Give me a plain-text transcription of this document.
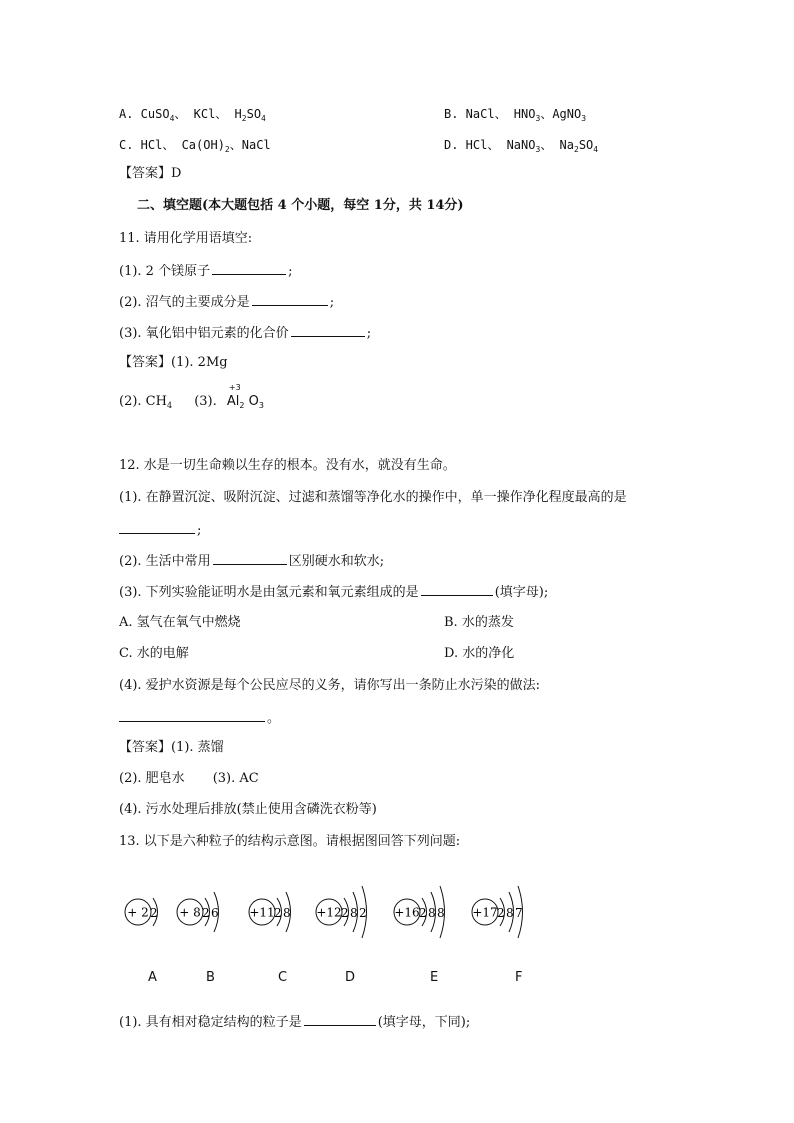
A. CuSO$_4$、 KCl、 $H_2SO_4$	B. NaCl、 $HNO_3$、AgNO$_3$
C. HCl、 $Ca(OH)_2$、NaCl	D. HCl、 NaNO$_3$、 $Na_2SO_4$
【答案】D
二、填空题(本大题包括 4 个小题，每空 1分，共 14分)
11. 请用化学用语填空:
(1). 2 个镁原子	;
(2). 沼气的主要成分是	;
(3). 氧化铝中铝元素的化合价	;
【答案】(1). 2Mg
(2). $CH_4$ (3).
+3
$Al_2$ $O_3$
12. 水是一切生命赖以生存的根本。没有水，就没有生命。
(1). 在静置沉淀、吸附沉淀、过滤和蒸馏等净化水的操作中，单一操作净化程度最高的是
;
(2). 生活中常用	区别硬水和软水;
(3). 下列实验能证明水是由氢元素和氧元素组成的是	(填字母);
A. 氢气在氧气中燃烧	B. 水的蒸发
C. 水的电解	D. 水的净化
(4). 爱护水资源是每个公民应尽的义务，请你写出一条防止水污染的做法:
。
【答案】(1). 蒸馏
(2). 肥皂水 (3). AC
(4). 污水处理后排放(禁止使用含磷洗衣粉等)
13. 以下是六种粒子的结构示意图。请根据图回答下列问题:
+ 2 2 + 8 2 6	+11 2 8 +12 2 8 2 +16 2 8 8 +17 2 8 7
(1). 具有相对稳定结构的粒子是	(填字母，下同);
A	B	C	D	E	F
